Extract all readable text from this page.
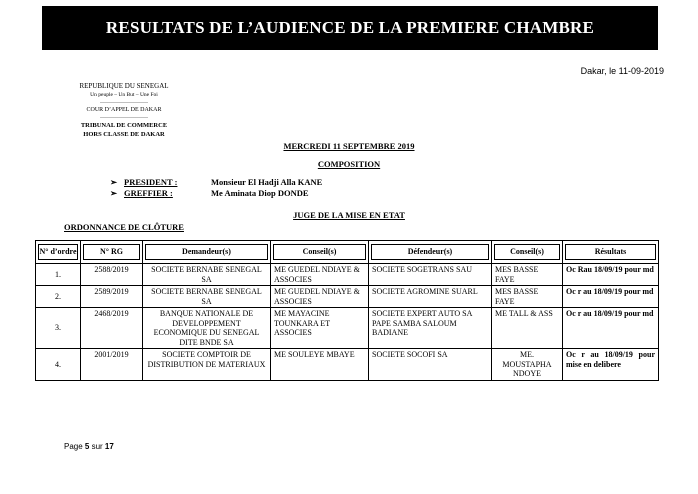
RESULTATS DE L’AUDIENCE DE LA PREMIERE CHAMBRE
Dakar, le 11-09-2019
REPUBLIQUE DU SENEGAL
Un peuple – Un But – Une Foi
------------------------
COUR D’APPEL DE DAKAR
------------------------
TRIBUNAL DE COMMERCE
HORS CLASSE DE DAKAR
MERCREDI 11 SEPTEMBRE 2019
COMPOSITION
➢ PRESIDENT :	Monsieur El Hadji Alla KANE
➢ GREFFIER :	Me Aminata Diop DONDE
JUGE DE LA MISE EN ETAT
ORDONNANCE DE CLÔTURE
N° d’ordre	N° RG	Demandeur(s)	Conseil(s)	Défendeur(s)	Conseil(s)	Résultats

1.	2588/2019	SOCIETE BERNABE SENEGAL SA	ME GUEDEL NDIAYE & ASSOCIES	SOCIETE SOGETRANS SAU	MES BASSE FAYE	Oc Rau 18/09/19 pour md
2.	2589/2019	SOCIETE BERNABE SENEGAL SA	ME GUEDEL NDIAYE & ASSOCIES	SOCIETE AGROMINE SUARL	MES BASSE FAYE	Oc r au 18/09/19 pour md
3.	2468/2019	BANQUE NATIONALE DE DEVELOPPEMENT ECONOMIQUE DU SENEGAL DITE BNDE SA	ME MAYACINE TOUNKARA ET ASSOCIES	SOCIETE EXPERT AUTO SA PAPE SAMBA SALOUM BADIANE	ME TALL & ASS	Oc r au 18/09/19 pour md
4.	2001/2019	SOCIETE COMPTOIR DE DISTRIBUTION DE MATERIAUX	ME SOULEYE MBAYE	SOCIETE SOCOFI SA	ME. MOUSTAPHA NDOYE	Oc r au 18/09/19 pour mise en delibere
Page 5 sur 17
